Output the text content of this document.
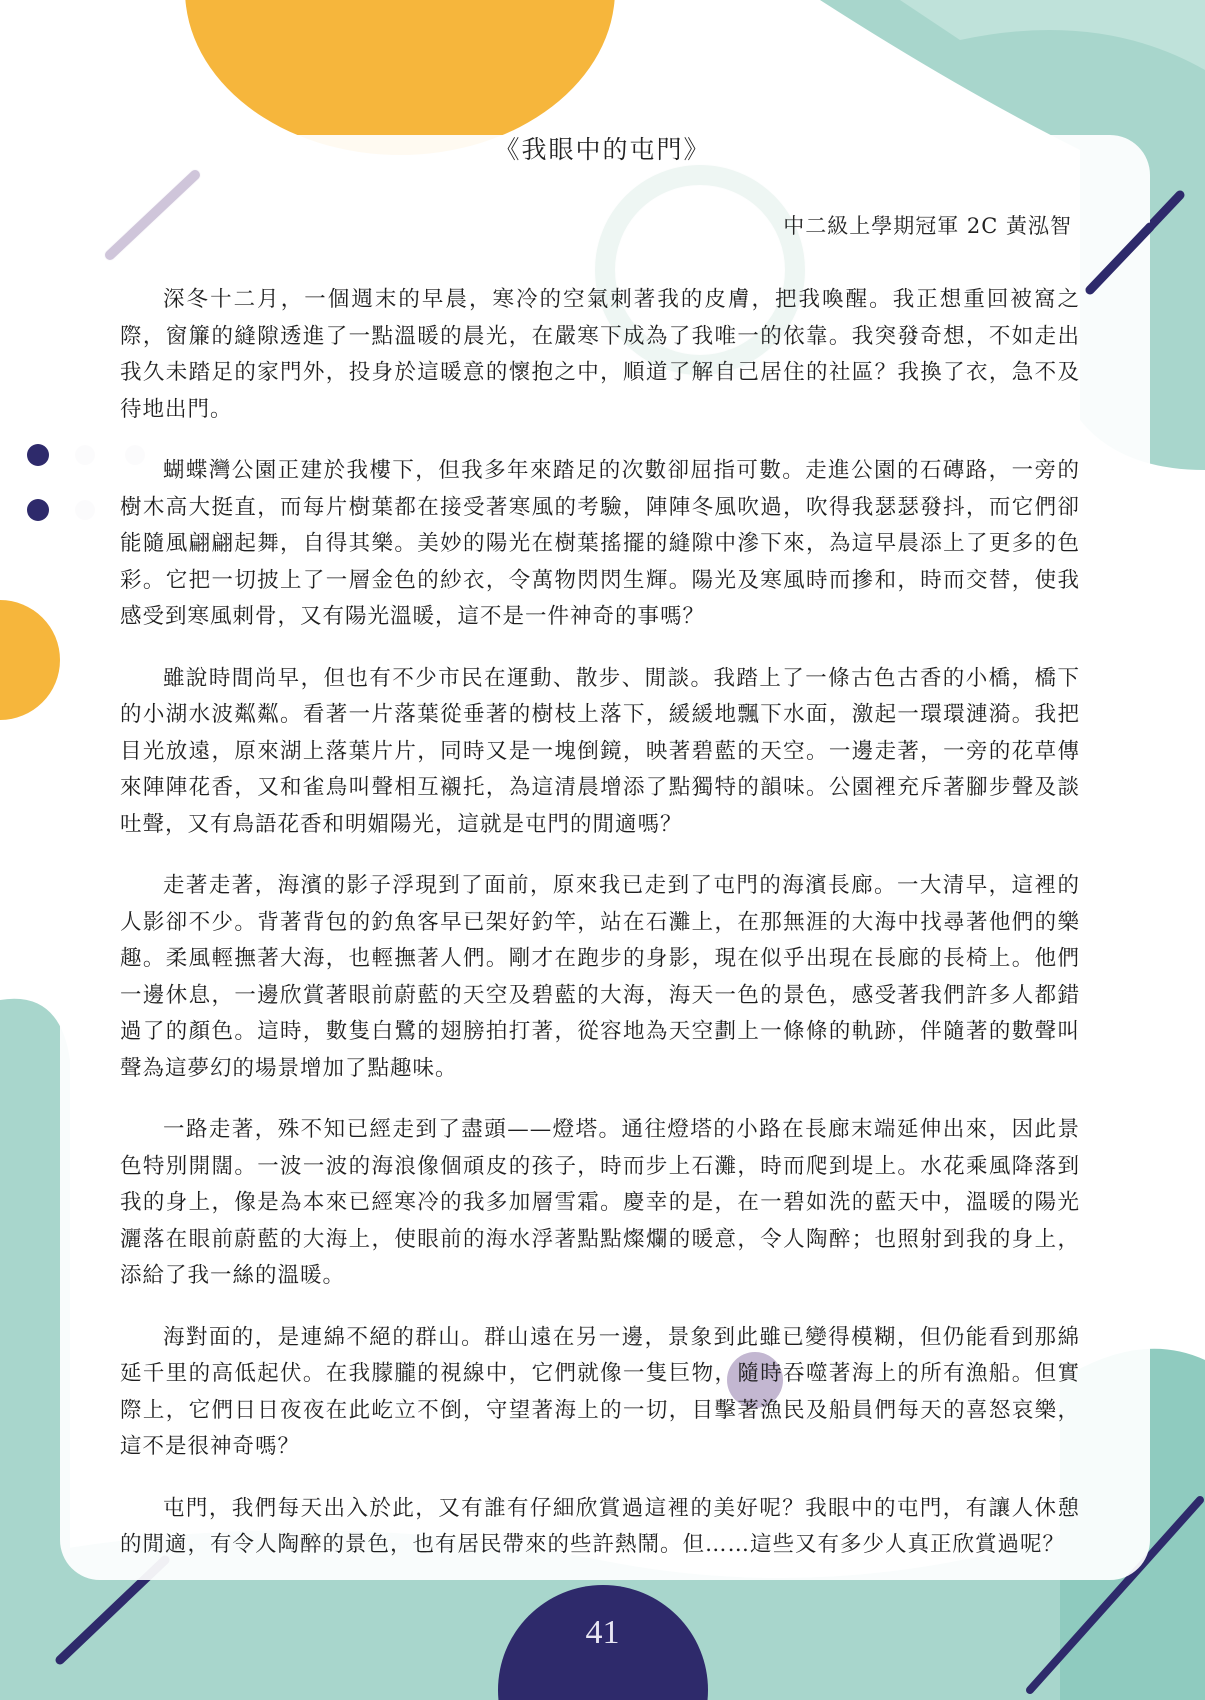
《我眼中的屯門》
中二級上學期冠軍 2C 黃泓智

深冬十二月，一個週末的早晨，寒冷的空氣刺著我的皮膚，把我喚醒。我正想重回被窩之際，窗簾的縫隙透進了一點溫暖的晨光，在嚴寒下成為了我唯一的依靠。我突發奇想，不如走出我久未踏足的家門外，投身於這暖意的懷抱之中，順道了解自己居住的社區？我換了衣，急不及待地出門。

蝴蝶灣公園正建於我樓下，但我多年來踏足的次數卻屈指可數。走進公園的石磚路，一旁的樹木高大挺直，而每片樹葉都在接受著寒風的考驗，陣陣冬風吹過，吹得我瑟瑟發抖，而它們卻能隨風翩翩起舞，自得其樂。美妙的陽光在樹葉搖擺的縫隙中滲下來，為這早晨添上了更多的色彩。它把一切披上了一層金色的紗衣，令萬物閃閃生輝。陽光及寒風時而摻和，時而交替，使我感受到寒風刺骨，又有陽光溫暖，這不是一件神奇的事嗎？

雖說時間尚早，但也有不少市民在運動、散步、閒談。我踏上了一條古色古香的小橋，橋下的小湖水波粼粼。看著一片落葉從垂著的樹枝上落下，緩緩地飄下水面，激起一環環漣漪。我把目光放遠，原來湖上落葉片片，同時又是一塊倒鏡，映著碧藍的天空。一邊走著，一旁的花草傳來陣陣花香，又和雀鳥叫聲相互襯托，為這清晨增添了點獨特的韻味。公園裡充斥著腳步聲及談吐聲，又有鳥語花香和明媚陽光，這就是屯門的閒適嗎？

走著走著，海濱的影子浮現到了面前，原來我已走到了屯門的海濱長廊。一大清早，這裡的人影卻不少。背著背包的釣魚客早已架好釣竿，站在石灘上，在那無涯的大海中找尋著他們的樂趣。柔風輕撫著大海，也輕撫著人們。剛才在跑步的身影，現在似乎出現在長廊的長椅上。他們一邊休息，一邊欣賞著眼前蔚藍的天空及碧藍的大海，海天一色的景色，感受著我們許多人都錯過了的顏色。這時，數隻白鷺的翅膀拍打著，從容地為天空劃上一條條的軌跡，伴隨著的數聲叫聲為這夢幻的場景增加了點趣味。

一路走著，殊不知已經走到了盡頭——燈塔。通往燈塔的小路在長廊末端延伸出來，因此景色特別開闊。一波一波的海浪像個頑皮的孩子，時而步上石灘，時而爬到堤上。水花乘風降落到我的身上，像是為本來已經寒冷的我多加層雪霜。慶幸的是，在一碧如洗的藍天中，溫暖的陽光灑落在眼前蔚藍的大海上，使眼前的海水浮著點點燦爛的暖意，令人陶醉；也照射到我的身上，添給了我一絲的溫暖。

海對面的，是連綿不絕的群山。群山遠在另一邊，景象到此雖已變得模糊，但仍能看到那綿延千里的高低起伏。在我朦朧的視線中，它們就像一隻巨物，隨時吞噬著海上的所有漁船。但實際上，它們日日夜夜在此屹立不倒，守望著海上的一切，目擊著漁民及船員們每天的喜怒哀樂，這不是很神奇嗎？

屯門，我們每天出入於此，又有誰有仔細欣賞過這裡的美好呢？我眼中的屯門，有讓人休憩的閒適，有令人陶醉的景色，也有居民帶來的些許熱鬧。但……這些又有多少人真正欣賞過呢？

41
